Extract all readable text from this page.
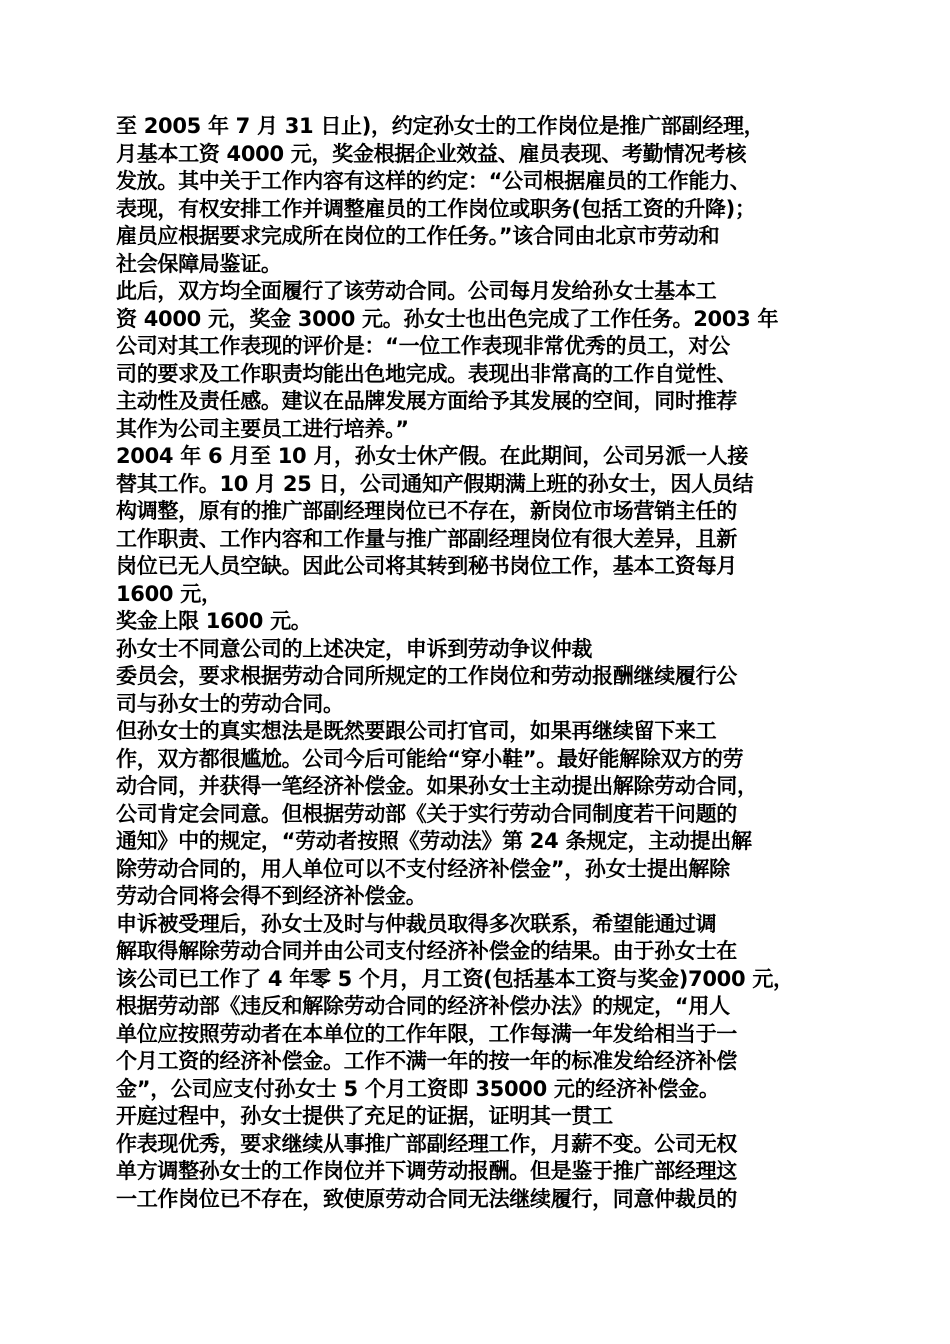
至 2005 年 7 月 31 日止)，约定孙女士的工作岗位是推广部副经理，
月基本工资 4000 元，奖金根据企业效益、雇员表现、考勤情况考核
发放。其中关于工作内容有这样的约定：“公司根据雇员的工作能力、
表现，有权安排工作并调整雇员的工作岗位或职务(包括工资的升降)；
雇员应根据要求完成所在岗位的工作任务。”该合同由北京市劳动和
社会保障局鉴证。
此后，双方均全面履行了该劳动合同。公司每月发给孙女士基本工
资 4000 元，奖金 3000 元。孙女士也出色完成了工作任务。2003 年
公司对其工作表现的评价是：“一位工作表现非常优秀的员工，对公
司的要求及工作职责均能出色地完成。表现出非常高的工作自觉性、
主动性及责任感。建议在品牌发展方面给予其发展的空间，同时推荐
其作为公司主要员工进行培养。”
2004 年 6 月至 10 月，孙女士休产假。在此期间，公司另派一人接
替其工作。10 月 25 日，公司通知产假期满上班的孙女士，因人员结
构调整，原有的推广部副经理岗位已不存在，新岗位市场营销主任的
工作职责、工作内容和工作量与推广部副经理岗位有很大差异，且新
岗位已无人员空缺。因此公司将其转到秘书岗位工作，基本工资每月
1600 元，
奖金上限 1600 元。
孙女士不同意公司的上述决定，申诉到劳动争议仲裁
委员会，要求根据劳动合同所规定的工作岗位和劳动报酬继续履行公
司与孙女士的劳动合同。
但孙女士的真实想法是既然要跟公司打官司，如果再继续留下来工
作，双方都很尴尬。公司今后可能给“穿小鞋”。最好能解除双方的劳
动合同，并获得一笔经济补偿金。如果孙女士主动提出解除劳动合同，
公司肯定会同意。但根据劳动部《关于实行劳动合同制度若干问题的
通知》中的规定，“劳动者按照《劳动法》第 24 条规定，主动提出解
除劳动合同的，用人单位可以不支付经济补偿金”，孙女士提出解除
劳动合同将会得不到经济补偿金。
申诉被受理后，孙女士及时与仲裁员取得多次联系，希望能通过调
解取得解除劳动合同并由公司支付经济补偿金的结果。由于孙女士在
该公司已工作了 4 年零 5 个月，月工资(包括基本工资与奖金)7000 元，
根据劳动部《违反和解除劳动合同的经济补偿办法》的规定，“用人
单位应按照劳动者在本单位的工作年限，工作每满一年发给相当于一
个月工资的经济补偿金。工作不满一年的按一年的标准发给经济补偿
金”，公司应支付孙女士 5 个月工资即 35000 元的经济补偿金。
开庭过程中，孙女士提供了充足的证据，证明其一贯工
作表现优秀，要求继续从事推广部副经理工作，月薪不变。公司无权
单方调整孙女士的工作岗位并下调劳动报酬。但是鉴于推广部经理这
一工作岗位已不存在，致使原劳动合同无法继续履行，同意仲裁员的
